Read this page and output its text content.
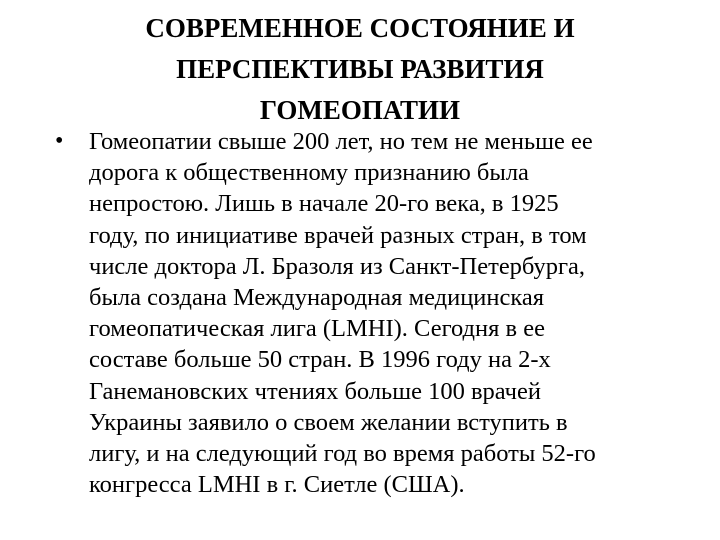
СОВРЕМЕННОЕ СОСТОЯНИЕ И
ПЕРСПЕКТИВЫ РАЗВИТИЯ
ГОМЕОПАТИИ
• Гомеопатии свыше 200 лет, но тем не меньше ее
дорога к общественному признанию была
непростою. Лишь в начале 20-го века, в 1925
году, по инициативе врачей разных стран, в том
числе доктора Л. Бразоля из Санкт-Петербурга,
была создана Международная медицинская
гомеопатическая лига (LMHI). Сегодня в ее
составе больше 50 стран. В 1996 году на 2-х
Ганемановских чтениях больше 100 врачей
Украины заявило о своем желании вступить в
лигу, и на следующий год во время работы 52-го
конгресса LMHI в г. Сиетле (США).
